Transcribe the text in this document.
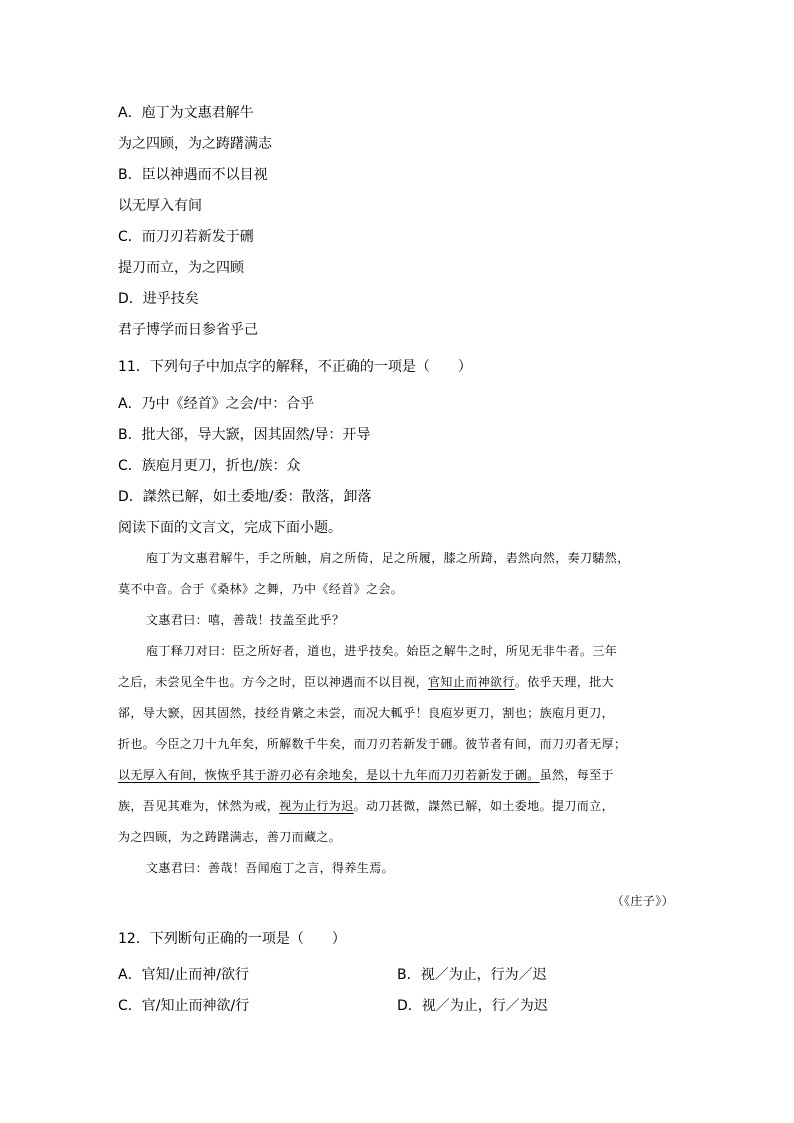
A．庖丁为文惠君解牛
为之四顾，为之踌躇满志
B．臣以神遇而不以目视
以无厚入有间
C．而刀刃若新发于硎
提刀而立，为之四顾
D．进乎技矣
君子博学而日参省乎己
11．下列句子中加点字的解释，不正确的一项是（　　）
A．乃中《经首》之会/中：合乎
B．批大郤，导大窾，因其固然/导：开导
C．族庖月更刀，折也/族：众
D．謋然已解，如土委地/委：散落，卸落
阅读下面的文言文，完成下面小题。
庖丁为文惠君解牛，手之所触，肩之所倚，足之所履，膝之所踦，砉然向然，奏刀騞然，
莫不中音。合于《桑林》之舞，乃中《经首》之会。
文惠君曰：嘻，善哉！技盖至此乎？
庖丁释刀对曰：臣之所好者，道也，进乎技矣。始臣之解牛之时，所见无非牛者。三年
之后，未尝见全牛也。方今之时，臣以神遇而不以目视，官知止而神欲行。依乎天理，批大
郤，导大窾，因其固然，技经肯綮之未尝，而况大軱乎！良庖岁更刀，割也；族庖月更刀，
折也。今臣之刀十九年矣，所解数千牛矣，而刀刃若新发于硎。彼节者有间，而刀刃者无厚；
以无厚入有间，恢恢乎其于游刃必有余地矣，是以十九年而刀刃若新发于硎。虽然，每至于
族，吾见其难为，怵然为戒，视为止行为迟。动刀甚微，謋然已解，如土委地。提刀而立，
为之四顾，为之踌躇满志，善刀而藏之。
文惠君曰：善哉！吾闻庖丁之言，得养生焉。
（《庄子》）
12．下列断句正确的一项是（　　）
A．官知/止而神/欲行	B．视／为止，行为／迟
C．官/知止而神欲/行	D．视／为止，行／为迟
